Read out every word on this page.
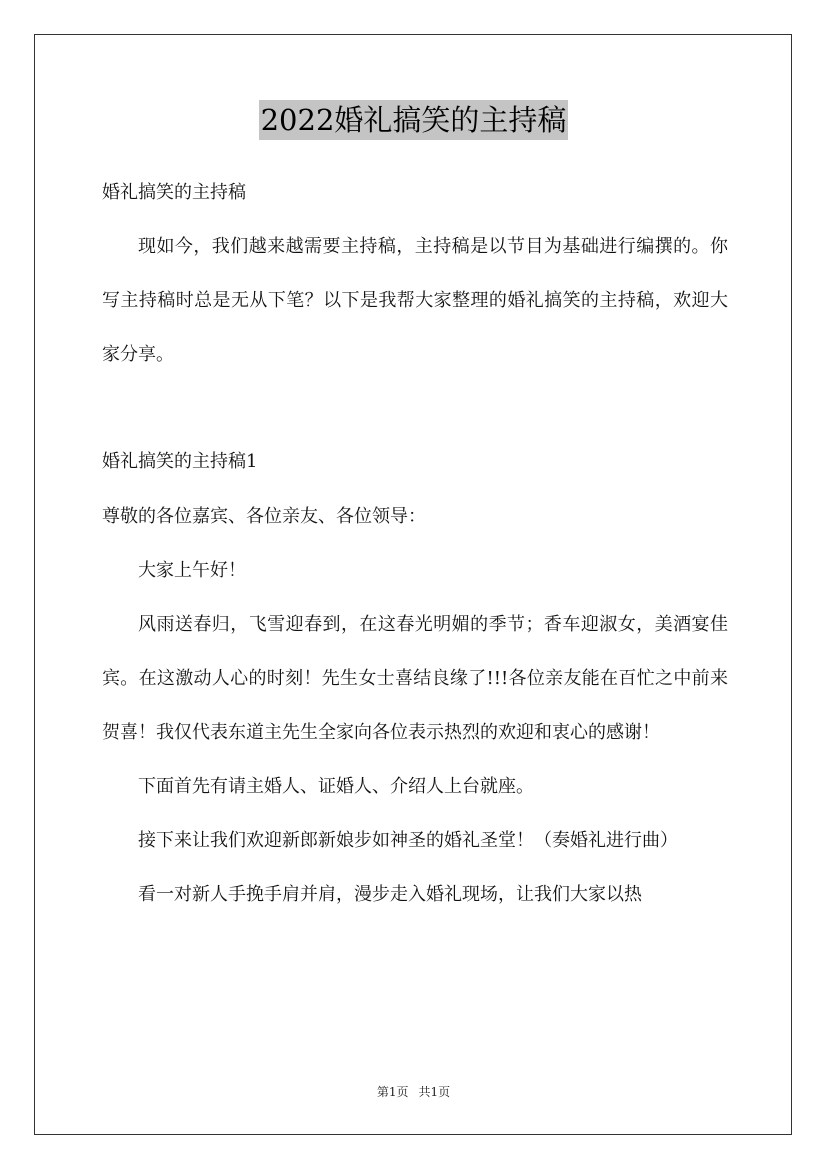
2022婚礼搞笑的主持稿
婚礼搞笑的主持稿

现如今，我们越来越需要主持稿，主持稿是以节目为基础进行编撰的。你写主持稿时总是无从下笔？以下是我帮大家整理的婚礼搞笑的主持稿，欢迎大家分享。

婚礼搞笑的主持稿1
尊敬的各位嘉宾、各位亲友、各位领导：

大家上午好！

风雨送春归，飞雪迎春到，在这春光明媚的季节；香车迎淑女，美酒宴佳宾。在这激动人心的时刻！先生女士喜结良缘了!!!各位亲友能在百忙之中前来贺喜！我仅代表东道主先生全家向各位表示热烈的欢迎和衷心的感谢！

下面首先有请主婚人、证婚人、介绍人上台就座。

接下来让我们欢迎新郎新娘步如神圣的婚礼圣堂！（奏婚礼进行曲）

看一对新人手挽手肩并肩，漫步走入婚礼现场，让我们大家以热

第1页 共1页
